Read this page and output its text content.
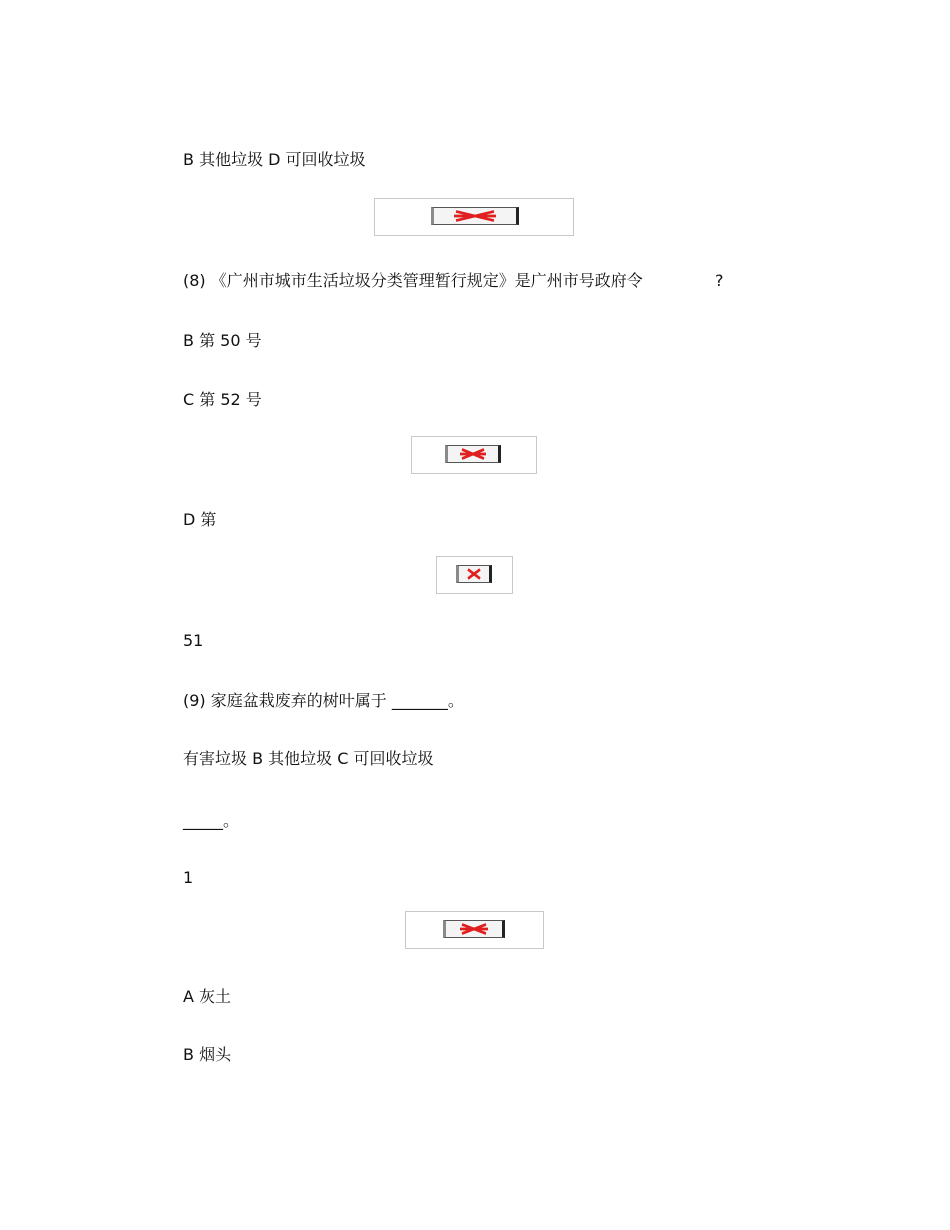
B 其他垃圾 D 可回收垃圾
(8) 《广州市城市生活垃圾分类管理暂行规定》是广州市号政府令	?
B 第 50 号
C 第 52 号
D 第
51
(9) 家庭盆栽废弃的树叶属于 _______。
有害垃圾 B 其他垃圾 C 可回收垃圾
_____。
1
A 灰土
B 烟头
